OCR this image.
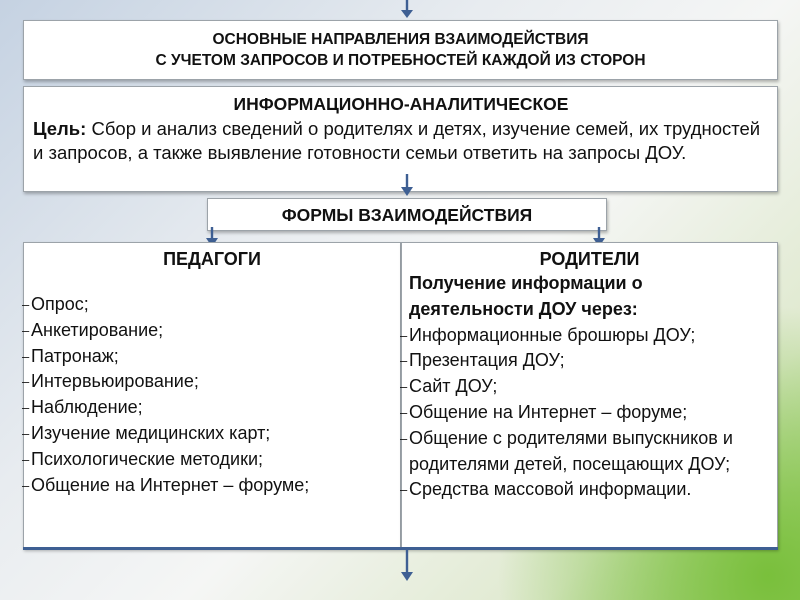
ОСНОВНЫЕ НАПРАВЛЕНИЯ ВЗАИМОДЕЙСТВИЯ
С УЧЕТОМ ЗАПРОСОВ И ПОТРЕБНОСТЕЙ КАЖДОЙ ИЗ СТОРОН
ИНФОРМАЦИОННО-АНАЛИТИЧЕСКОЕ
Цель: Сбор и анализ сведений о родителях и детях, изучение семей, их трудностей и запросов, а также выявление готовности семьи ответить на запросы ДОУ.
ФОРМЫ ВЗАИМОДЕЙСТВИЯ
ПЕДАГОГИ
– Опрос;
– Анкетирование;
– Патронаж;
– Интервьюирование;
– Наблюдение;
– Изучение медицинских карт;
– Психологические методики;
– Общение на Интернет – форуме;
РОДИТЕЛИ
Получение информации о деятельности ДОУ через:
– Информационные брошюры ДОУ;
– Презентация ДОУ;
– Сайт ДОУ;
– Общение на Интернет – форуме;
– Общение с родителями выпускников и родителями детей, посещающих ДОУ;
– Средства массовой информации.
